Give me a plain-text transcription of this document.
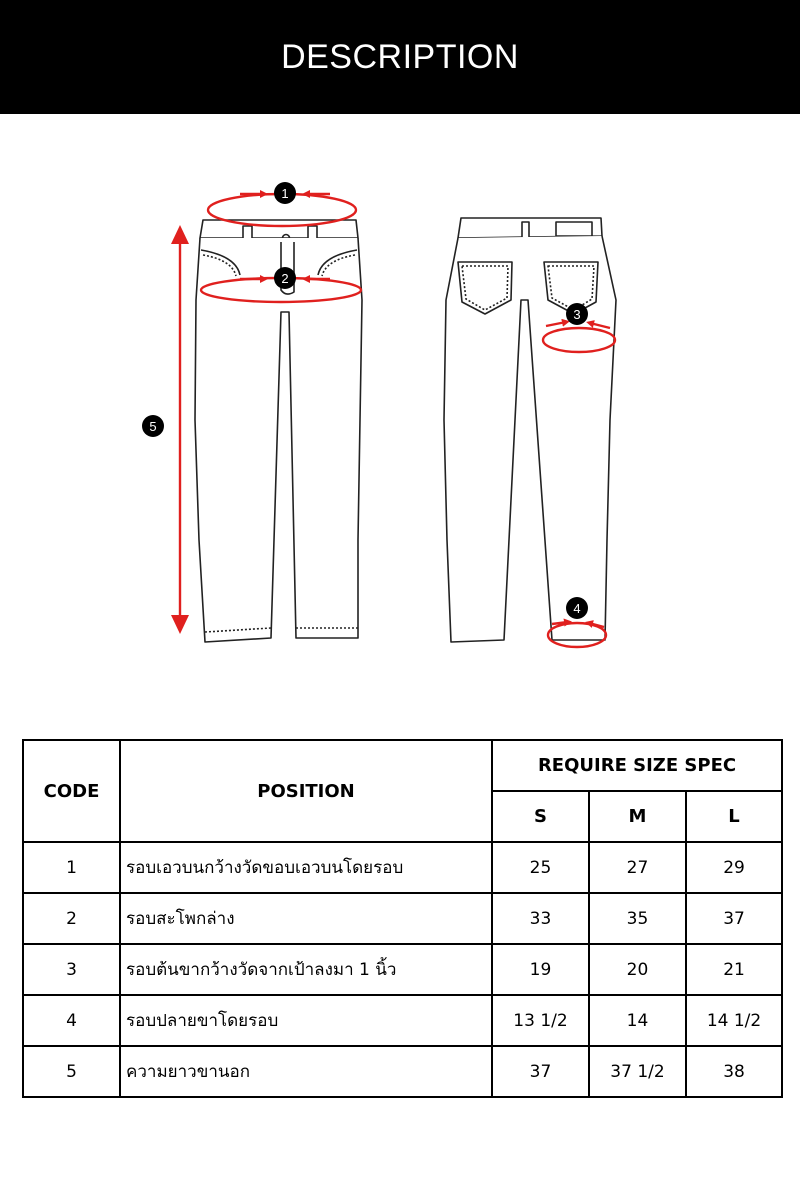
DESCRIPTION
1
2
3
4
5
CODE	POSITION	REQUIRE SIZE SPEC		
		S	M	L
1	รอบเอวบนกว้างวัดขอบเอวบนโดยรอบ	25	27	29
2	รอบสะโพกล่าง	33	35	37
3	รอบต้นขากว้างวัดจากเป้าลงมา 1 นิ้ว	19	20	21
4	รอบปลายขาโดยรอบ	13 1/2	14	14 1/2
5	ความยาวขานอก	37	37 1/2	38
